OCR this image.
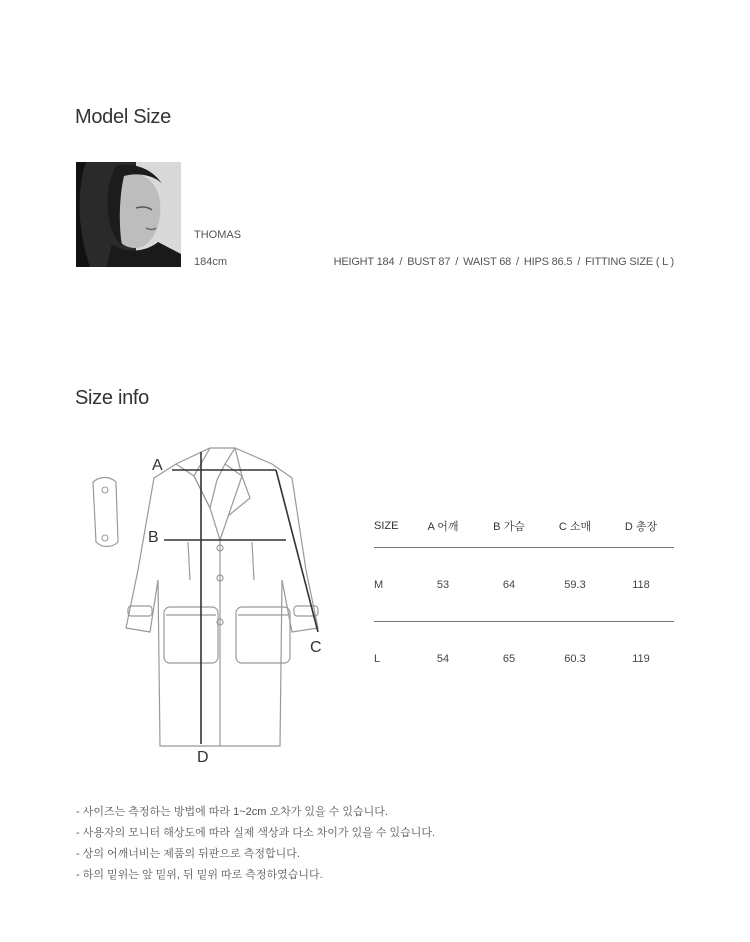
Model Size
THOMAS
184cm	HEIGHT 184 / BUST 87 / WAIST 68 / HIPS 86.5 / FITTING SIZE ( L )
Size info
A
B
C
D
SIZE	A 어깨	B 가슴	C 소매	D 총장
M	53	64	59.3	118
L	54	65	60.3	119
- 사이즈는 측정하는 방법에 따라 1~2cm 오차가 있을 수 있습니다.
- 사용자의 모니터 해상도에 따라 실제 색상과 다소 차이가 있을 수 있습니다.
- 상의 어깨너비는 제품의 뒤판으로 측정합니다.
- 하의 밑위는 앞 밑위, 뒤 밑위 따로 측정하였습니다.
